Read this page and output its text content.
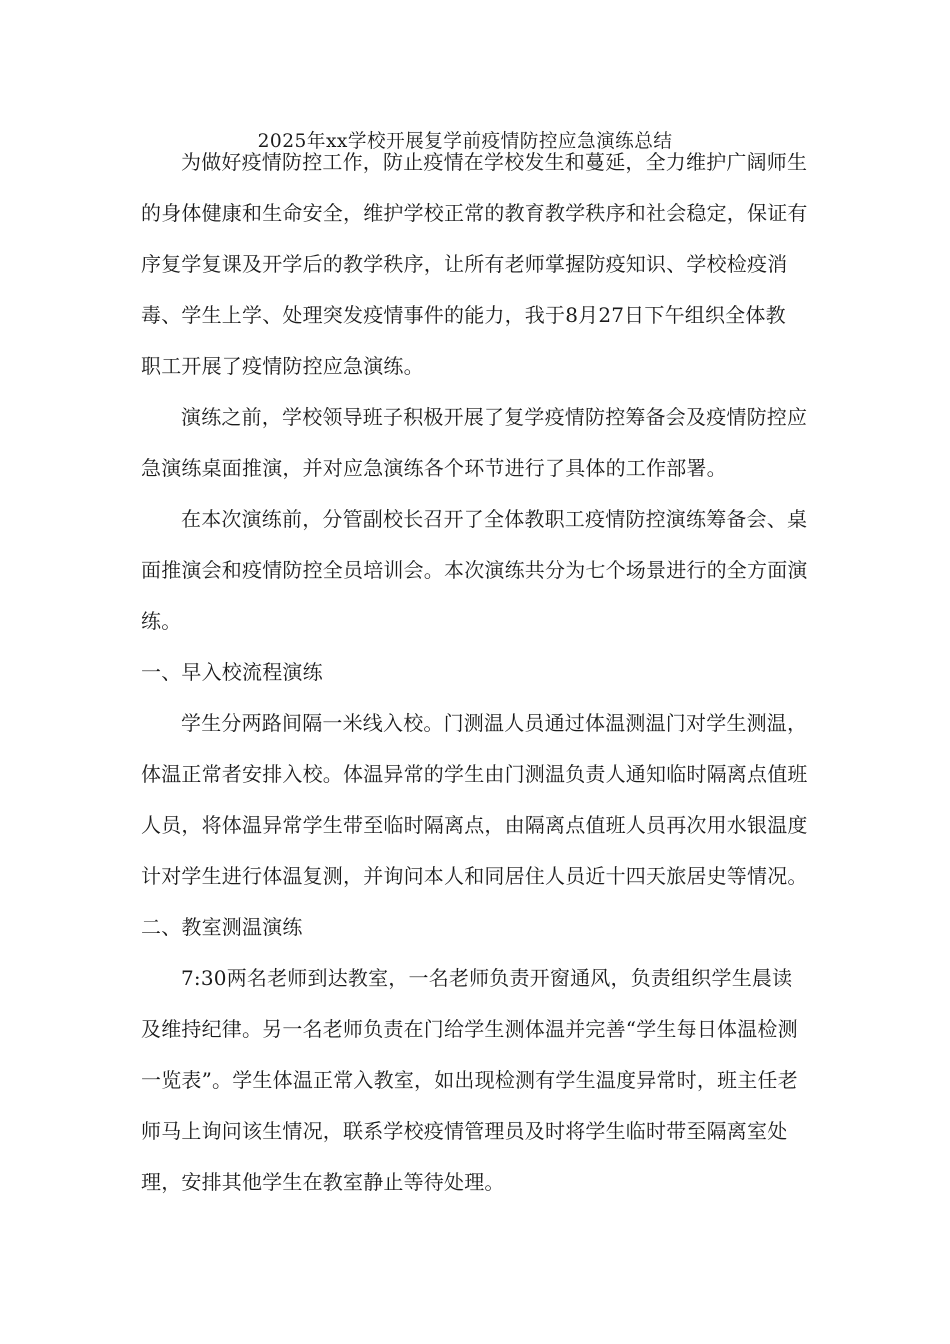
2025年xx学校开展复学前疫情防控应急演练总结
为做好疫情防控工作，防止疫情在学校发生和蔓延，全力维护广阔师生
的身体健康和生命安全，维护学校正常的教育教学秩序和社会稳定，保证有
序复学复课及开学后的教学秩序，让所有老师掌握防疫知识、学校检疫消
毒、学生上学、处理突发疫情事件的能力，我于8月27日下午组织全体教
职工开展了疫情防控应急演练。
演练之前，学校领导班子积极开展了复学疫情防控筹备会及疫情防控应
急演练桌面推演，并对应急演练各个环节进行了具体的工作部署。
在本次演练前，分管副校长召开了全体教职工疫情防控演练筹备会、桌
面推演会和疫情防控全员培训会。本次演练共分为七个场景进行的全方面演
练。
一、早入校流程演练
学生分两路间隔一米线入校。门测温人员通过体温测温门对学生测温，
体温正常者安排入校。体温异常的学生由门测温负责人通知临时隔离点值班
人员，将体温异常学生带至临时隔离点，由隔离点值班人员再次用水银温度
计对学生进行体温复测，并询问本人和同居住人员近十四天旅居史等情况。
二、教室测温演练
7:30两名老师到达教室，一名老师负责开窗通风，负责组织学生晨读
及维持纪律。另一名老师负责在门给学生测体温并完善“学生每日体温检测
一览表”。学生体温正常入教室，如出现检测有学生温度异常时，班主任老
师马上询问该生情况，联系学校疫情管理员及时将学生临时带至隔离室处
理，安排其他学生在教室静止等待处理。
